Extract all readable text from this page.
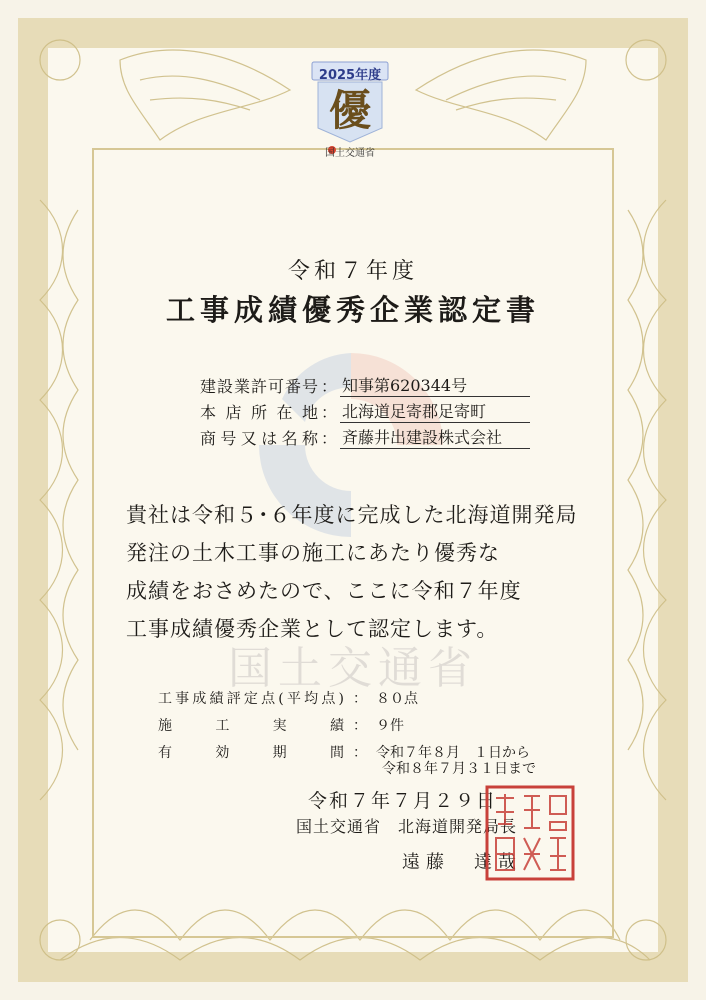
2025年度
優
国土交通省
令和７年度
工事成績優秀企業認定書
建設業許可番号 ： 知事第620344号
本店所在地 ： 北海道足寄郡足寄町
商号又は名称 ： 斉藤井出建設株式会社
貴社は令和５･６年度に完成した北海道開発局
発注の土木工事の施工にあたり優秀な
成績をおさめたので、ここに令和７年度
工事成績優秀企業として認定します。
国土交通省
工事成績評定点(平均点) ： ８０点
施工実績 ： ９件
有効期間 ： 令和７年８月　１日から
令和８年７月３１日まで
令和７年７月２９日
国土交通省　北海道開発局長
遠藤　達哉
